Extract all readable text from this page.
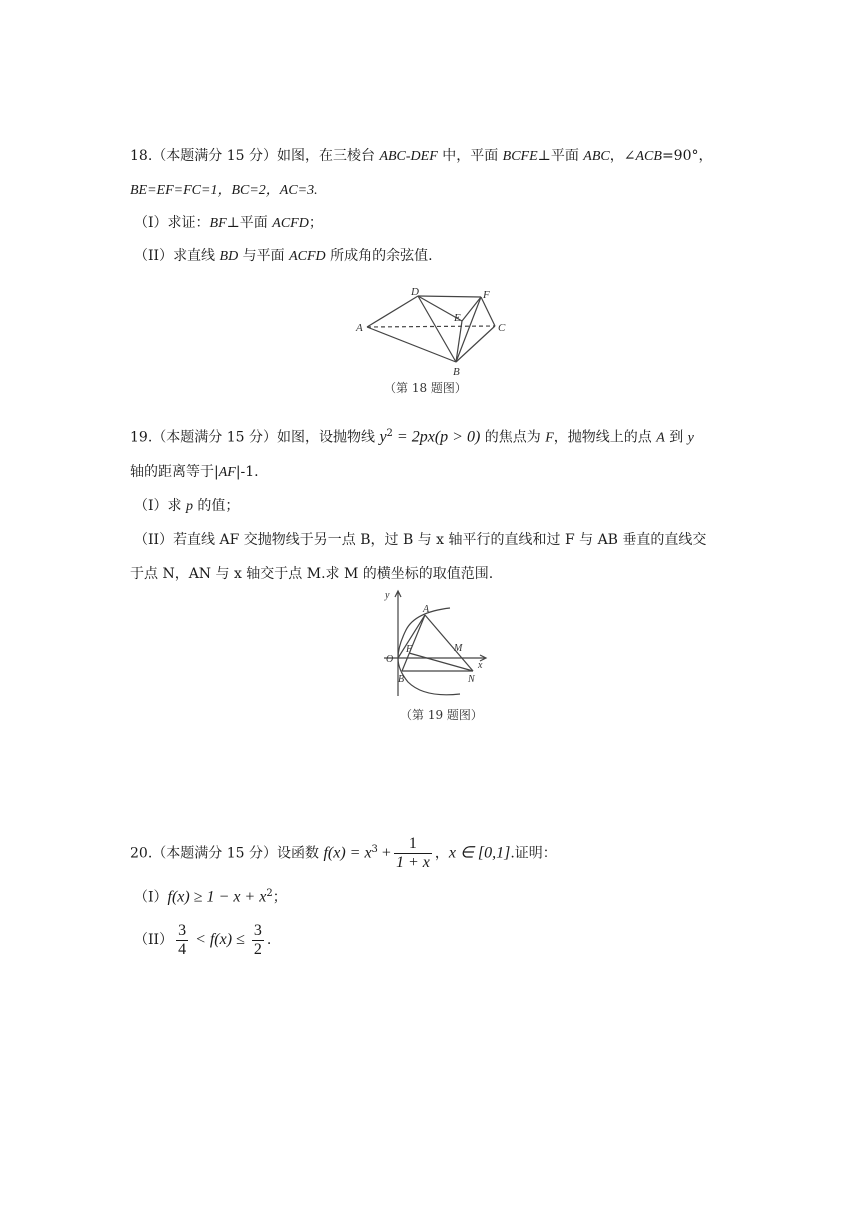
18.（本题满分 15 分）如图，在三棱台 ABC-DEF 中，平面 BCFE⊥平面 ABC，∠ACB=90°，
BE=EF=FC=1，BC=2，AC=3.
（I）求证：BF⊥平面 ACFD；
（II）求直线 BD 与平面 ACFD 所成角的余弦值.
A
B
C
D
E
F
（第 18 题图）
19.（本题满分 15 分）如图，设抛物线 $y^2 = 2px(p > 0)$ 的焦点为 F，抛物线上的点 A 到 y
轴的距离等于|AF|-1.
（I）求 p 的值；
（II）若直线 AF 交抛物线于另一点 B，过 B 与 x 轴平行的直线和过 F 与 AB 垂直的直线交
于点 N，AN 与 x 轴交于点 M.求 M 的横坐标的取值范围.
y
x
O
F
A
B
M
N
（第 19 题图）
20.（本题满分 15 分）设函数 $f(x) = x^3 + \frac{1}{1 + x}$ ，x ∈ [0,1].证明：
$(I)f(x) \ge 1 - x + x^2$；
$(II) \frac{3}{4} < f(x) \le \frac{3}{2}$ .
